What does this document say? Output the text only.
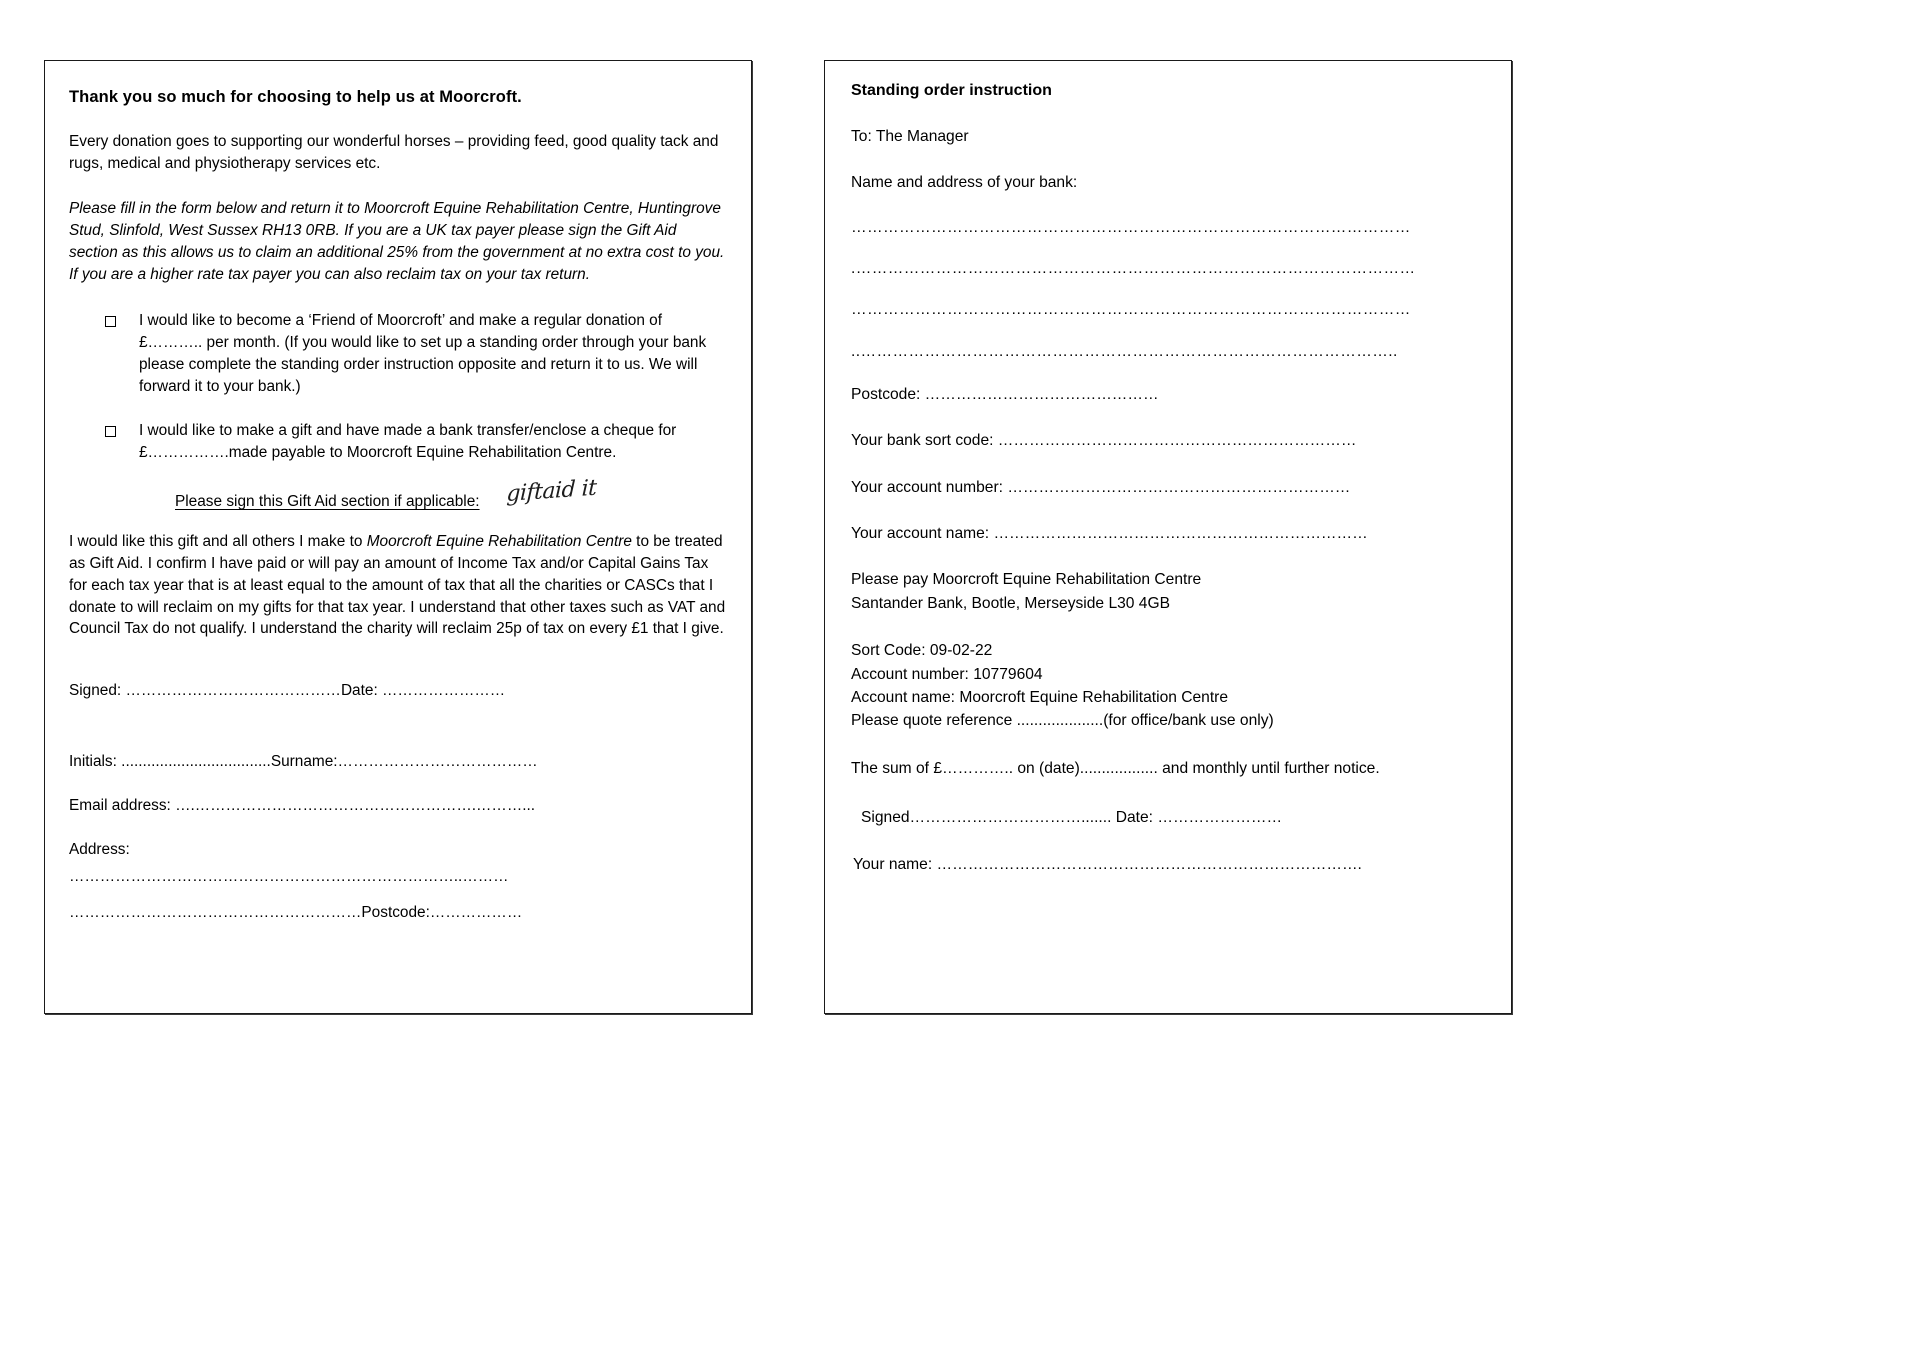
Thank you so much for choosing to help us at Moorcroft.

Every donation goes to supporting our wonderful horses – providing feed, good quality tack and rugs, medical and physiotherapy services etc.

Please fill in the form below and return it to Moorcroft Equine Rehabilitation Centre, Huntingrove Stud, Slinfold, West Sussex RH13 0RB. If you are a UK tax payer please sign the Gift Aid section as this allows us to claim an additional 25% from the government at no extra cost to you. If you are a higher rate tax payer you can also reclaim tax on your tax return.

I would like to become a ‘Friend of Moorcroft’ and make a regular donation of £……….. per month. (If you would like to set up a standing order through your bank please complete the standing order instruction opposite and return it to us. We will forward it to your bank.)
I would like to make a gift and have made a bank transfer/enclose a cheque for £…………….made payable to Moorcroft Equine Rehabilitation Centre.
Please sign this Gift Aid section if applicable: giftaid it

I would like this gift and all others I make to Moorcroft Equine Rehabilitation Centre to be treated as Gift Aid. I confirm I have paid or will pay an amount of Income Tax and/or Capital Gains Tax for each tax year that is at least equal to the amount of tax that all the charities or CASCs that I donate to will reclaim on my gifts for that tax year. I understand that other taxes such as VAT and Council Tax do not qualify. I understand the charity will reclaim 25p of tax on every £1 that I give.

Signed: ……………………………………Date: ……………………
Initials: ...................................Surname:…………………………………
Email address: ….……………………………………………….………...
Address:
…………………………………………………………………..………
…………………………………………………Postcode:………………
Standing order instruction
To: The Manager
Name and address of your bank:
……………………………………………………………………………………………
.……………………………………………………………………………………………
……………………………………………………………………………………………
..………………………………………………………………………………………..
Postcode: ………………………………………
Your bank sort code: ……………………………………………………………
Your account number: …………………………………………………………
Your account name: ………………………………………………………………
Please pay Moorcroft Equine Rehabilitation Centre
Santander Bank, Bootle, Merseyside L30 4GB
Sort Code: 09-02-22
Account number: 10779604
Account name: Moorcroft Equine Rehabilitation Centre
Please quote reference ....................(for office/bank use only)
The sum of £………….. on (date).................. and monthly until further notice.
Signed……………………………....... Date: ……………………
Your name: ……………………………………………………………………….
